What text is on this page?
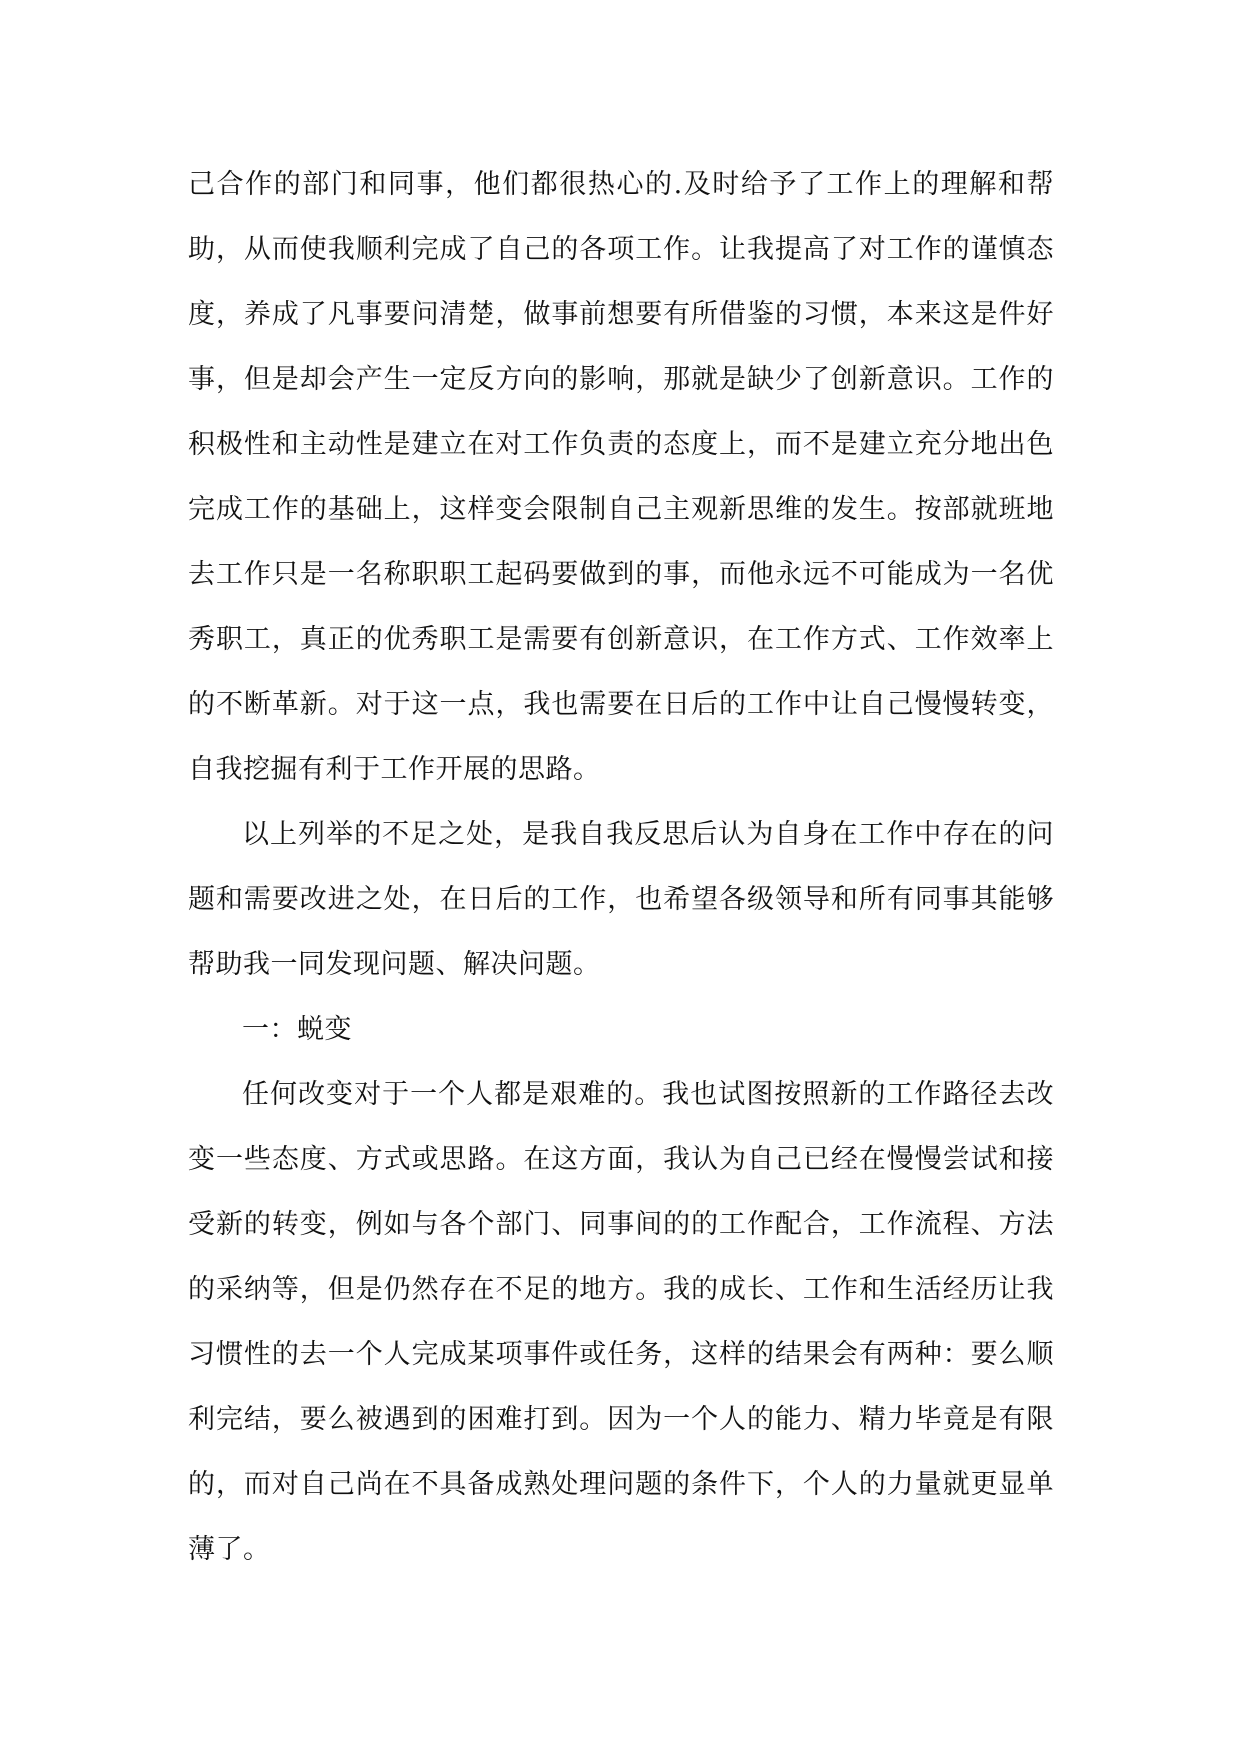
己合作的部门和同事，他们都很热心的.及时给予了工作上的理解和帮助，从而使我顺利完成了自己的各项工作。让我提高了对工作的谨慎态度，养成了凡事要问清楚，做事前想要有所借鉴的习惯，本来这是件好事，但是却会产生一定反方向的影响，那就是缺少了创新意识。工作的积极性和主动性是建立在对工作负责的态度上，而不是建立充分地出色完成工作的基础上，这样变会限制自己主观新思维的发生。按部就班地去工作只是一名称职职工起码要做到的事，而他永远不可能成为一名优秀职工，真正的优秀职工是需要有创新意识，在工作方式、工作效率上的不断革新。对于这一点，我也需要在日后的工作中让自己慢慢转变，自我挖掘有利于工作开展的思路。

以上列举的不足之处，是我自我反思后认为自身在工作中存在的问题和需要改进之处，在日后的工作，也希望各级领导和所有同事其能够帮助我一同发现问题、解决问题。

一：蜕变

任何改变对于一个人都是艰难的。我也试图按照新的工作路径去改变一些态度、方式或思路。在这方面，我认为自己已经在慢慢尝试和接受新的转变，例如与各个部门、同事间的的工作配合，工作流程、方法的采纳等，但是仍然存在不足的地方。我的成长、工作和生活经历让我习惯性的去一个人完成某项事件或任务，这样的结果会有两种：要么顺利完结，要么被遇到的困难打到。因为一个人的能力、精力毕竟是有限的，而对自己尚在不具备成熟处理问题的条件下，个人的力量就更显单薄了。
